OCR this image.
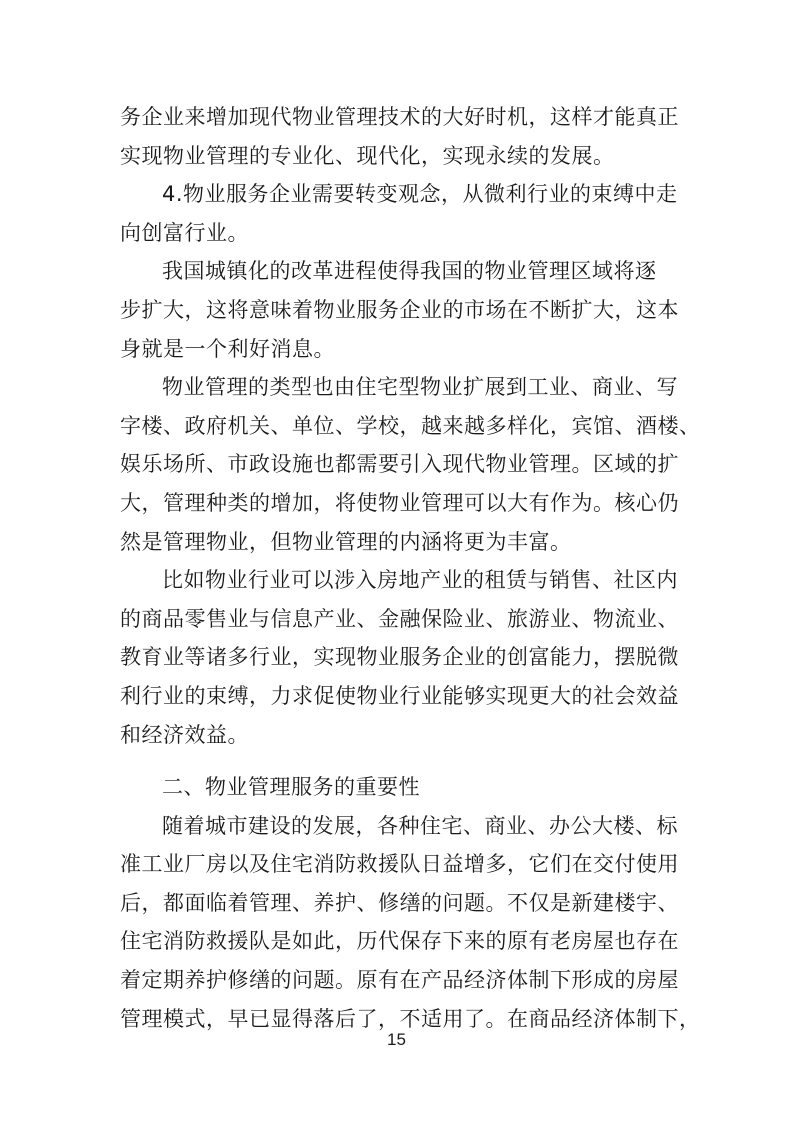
务企业来增加现代物业管理技术的大好时机，这样才能真正
实现物业管理的专业化、现代化，实现永续的发展。
4.物业服务企业需要转变观念，从微利行业的束缚中走
向创富行业。
我国城镇化的改革进程使得我国的物业管理区域将逐
步扩大，这将意味着物业服务企业的市场在不断扩大，这本
身就是一个利好消息。
物业管理的类型也由住宅型物业扩展到工业、商业、写
字楼、政府机关、单位、学校，越来越多样化，宾馆、酒楼、
娱乐场所、市政设施也都需要引入现代物业管理。区域的扩
大，管理种类的增加，将使物业管理可以大有作为。核心仍
然是管理物业，但物业管理的内涵将更为丰富。
比如物业行业可以涉入房地产业的租赁与销售、社区内
的商品零售业与信息产业、金融保险业、旅游业、物流业、
教育业等诸多行业，实现物业服务企业的创富能力，摆脱微
利行业的束缚，力求促使物业行业能够实现更大的社会效益
和经济效益。
二、物业管理服务的重要性
随着城市建设的发展，各种住宅、商业、办公大楼、标
准工业厂房以及住宅消防救援队日益增多，它们在交付使用
后，都面临着管理、养护、修缮的问题。不仅是新建楼宇、
住宅消防救援队是如此，历代保存下来的原有老房屋也存在
着定期养护修缮的问题。原有在产品经济体制下形成的房屋
管理模式，早已显得落后了，不适用了。在商品经济体制下，
15
